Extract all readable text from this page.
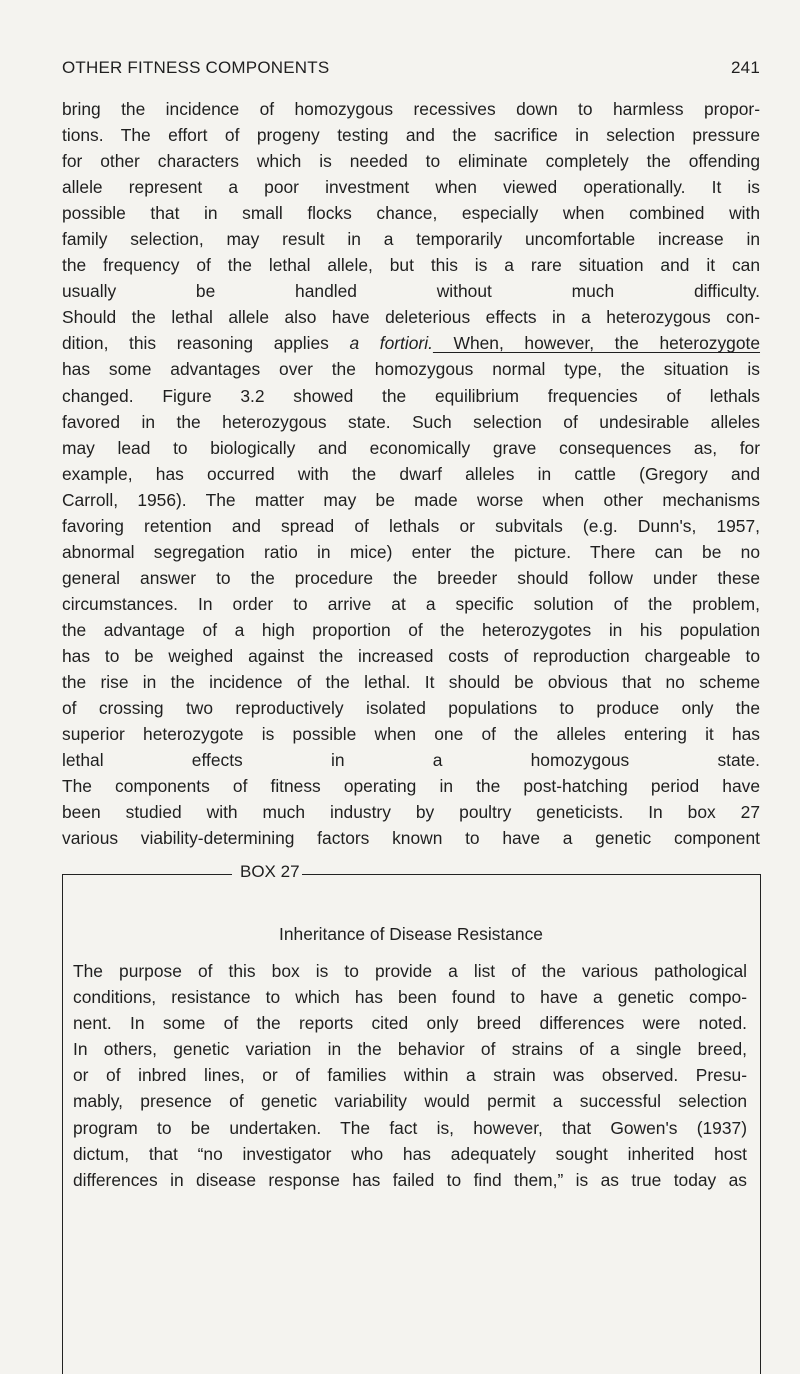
OTHER FITNESS COMPONENTS	241

bring the incidence of homozygous recessives down to harmless propor-
tions. The effort of progeny testing and the sacrifice in selection pressure
for other characters which is needed to eliminate completely the offending
allele represent a poor investment when viewed operationally. It is
possible that in small flocks chance, especially when combined with
family selection, may result in a temporarily uncomfortable increase in
the frequency of the lethal allele, but this is a rare situation and it can
usually be handled without much difficulty.

Should the lethal allele also have deleterious effects in a heterozygous con-
dition, this reasoning applies a fortiori. When, however, the heterozygote
has some advantages over the homozygous normal type, the situation is
changed. Figure 3.2 showed the equilibrium frequencies of lethals
favored in the heterozygous state. Such selection of undesirable alleles
may lead to biologically and economically grave consequences as, for
example, has occurred with the dwarf alleles in cattle (Gregory and
Carroll, 1956). The matter may be made worse when other mechanisms
favoring retention and spread of lethals or subvitals (e.g. Dunn's, 1957,
abnormal segregation ratio in mice) enter the picture. There can be no
general answer to the procedure the breeder should follow under these
circumstances. In order to arrive at a specific solution of the problem,
the advantage of a high proportion of the heterozygotes in his population
has to be weighed against the increased costs of reproduction chargeable to
the rise in the incidence of the lethal. It should be obvious that no scheme
of crossing two reproductively isolated populations to produce only the
superior heterozygote is possible when one of the alleles entering it has
lethal effects in a homozygous state.

The components of fitness operating in the post-hatching period have
been studied with much industry by poultry geneticists. In box 27
various viability-determining factors known to have a genetic component

BOX 27
Inheritance of Disease Resistance
The purpose of this box is to provide a list of the various pathological
conditions, resistance to which has been found to have a genetic compo-
nent. In some of the reports cited only breed differences were noted.
In others, genetic variation in the behavior of strains of a single breed,
or of inbred lines, or of families within a strain was observed. Presu-
mably, presence of genetic variability would permit a successful selection
program to be undertaken. The fact is, however, that Gowen's (1937)
dictum, that “no investigator who has adequately sought inherited host
differences in disease response has failed to find them,” is as true today as
